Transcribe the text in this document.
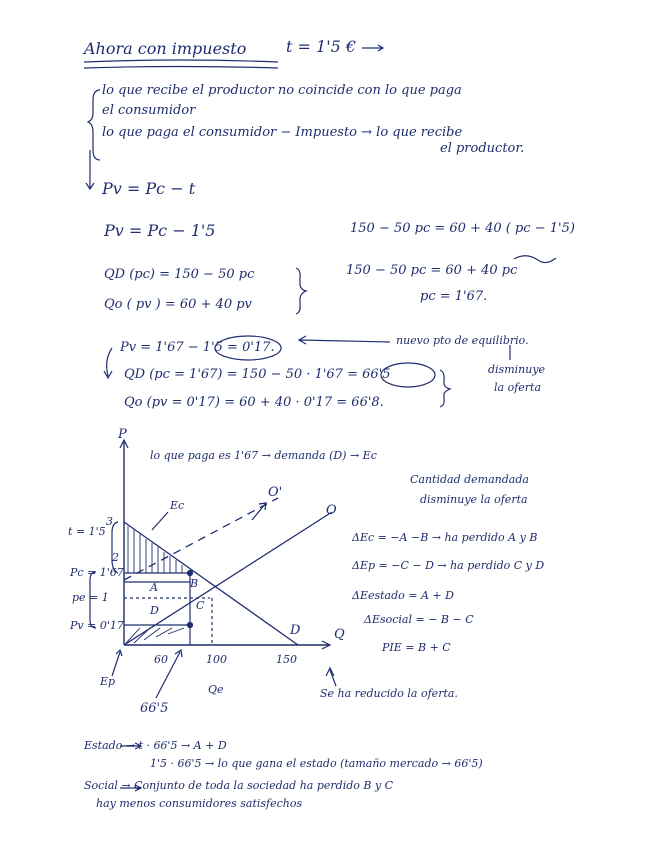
Ahora con impuesto t = 1'5 €
lo que recibe el productor no coincide con lo que paga
el consumidor
lo que paga el consumidor − Impuesto → lo que recibe
el productor.
Pv = Pc − t
Pv = Pc − 1'5	150 − 50 pc = 60 + 40 ( pc − 1'5)
QD (pc) = 150 − 50 pc
Qo ( pv ) = 60 + 40 pv
150 − 50 pc = 60 + 40 pc
pc = 1'67.
Pv = 1'67 − 1'5 = 0'17.	nuevo pto de equilibrio.
QD (pc = 1'67) = 150 − 50 · 1'67 = 66'5
Qo (pv = 0'17) = 60 + 40 · 0'17 = 66'8.
disminuye
la oferta
P
lo que paga es 1'67 → demanda (D) → Ec
Ec
O'
O
D	Q
t = 1'5
3
2
Pc = 1'67
pe = 1
Pv = 0'17
60	100	150
Qe
66'5
Ep
A	B
C
D
Se ha reducido la oferta.
Cantidad demandada
disminuye la oferta
ΔEc = −A −B → ha perdido A y B
ΔEp = −C − D → ha perdido C y D
ΔEestado = A + D
ΔEsocial = − B − C
PIE = B + C
Estado → t · 66'5 → A + D
1'5 · 66'5 → lo que gana el estado (tamaño mercado → 66'5)
Social → Conjunto de toda la sociedad ha perdido B y C
hay menos consumidores satisfechos
